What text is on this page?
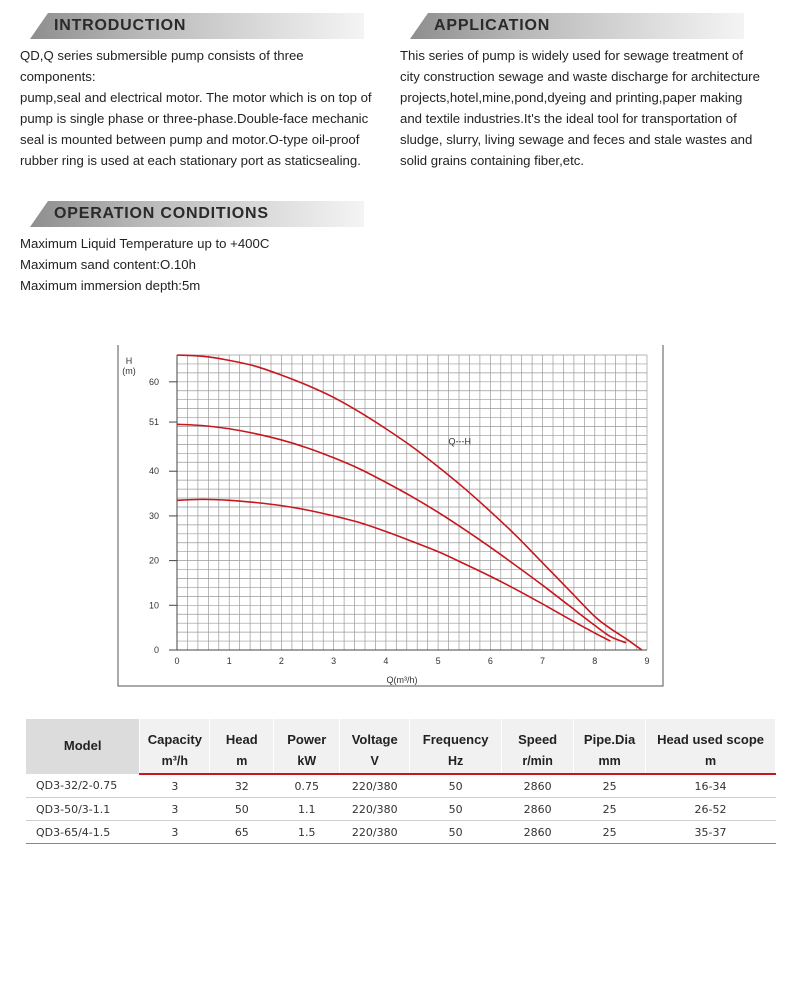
INTRODUCTION

QD,Q series submersible pump consists of three components:

pump,seal and electrical motor. The motor which is on top of

pump is single phase or three-phase.Double-face mechanic

seal is mounted between pump and motor.O-type oil-proof

rubber ring is used at each stationary port as staticsealing.

APPLICATION

This series of pump is widely used for sewage treatment of

city construction sewage and waste discharge for architecture

projects,hotel,mine,pond,dyeing and printing,paper making

and textile industries.It's the ideal tool for transportation of

sludge, slurry, living sewage and feces and stale wastes and

solid grains containing fiber,etc.

OPERATION CONDITIONS

Maximum Liquid Temperature up to +400C

Maximum sand content:O.10h

Maximum immersion depth:5m

0	1	2	3	4	5	6	7	8	9
0
10
20
30
40
51
60
H
(m)
Q(m³/h)
Q---H
Model	Capacity	Head	Power	Voltage	Frequency	Speed	Pipe.Dia	Head used scope
	m³/h	m	kW	V	Hz	r/min	mm	m
QD3-32/2-0.75	3	32	0.75	220/380	50	2860	25	16-34
QD3-50/3-1.1	3	50	1.1	220/380	50	2860	25	26-52
QD3-65/4-1.5	3	65	1.5	220/380	50	2860	25	35-37
